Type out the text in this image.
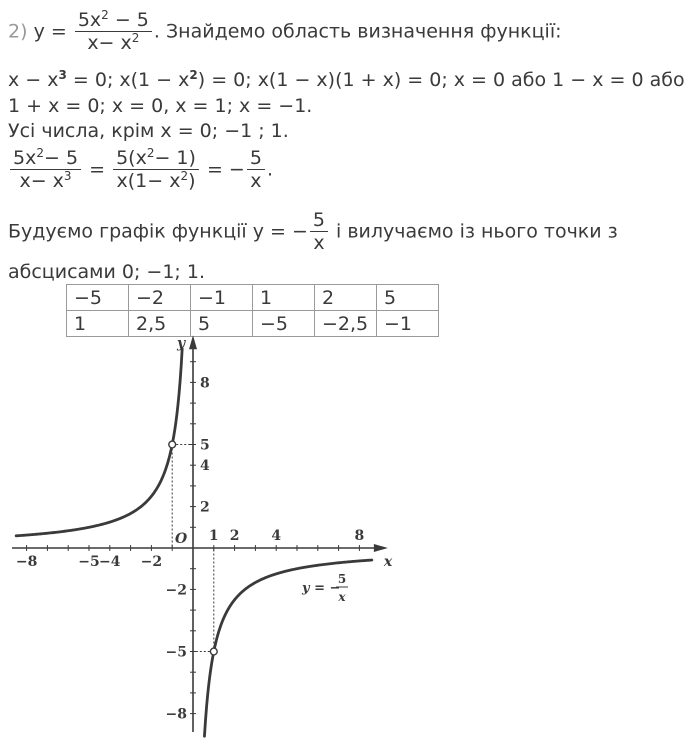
2) $y = \frac{5x^2 - 5}{x- x^2}$ . Знайдемо область визначення функції:
$x - x^3 = 0$; $x(1 - x^2) = 0$; x(1 − x)(1 + x) = 0; x = 0 або 1 − x = 0 або
1 + x = 0; x = 0, x = 1; x = −1.
Усі числа, крім x = 0; −1 ; 1.
$\frac{5x^2- 5}{x- x^3} = \frac{5(x^2- 1)}{x(1- x^2)}$ = − $\frac{5}{x}$ .
Будуємо графік функції y = − $\frac{5}{x}$ і вилучаємо із нього точки з
абсцисами 0; −1; 1.
−5	−2	−1	1	2	5
1	2,5	5	−5	−2,5	−1
−8	−5 −4 −2
1 2 4	8
8
5
4
2
−2
−5
−8
x
y
O
y = −
5
x
